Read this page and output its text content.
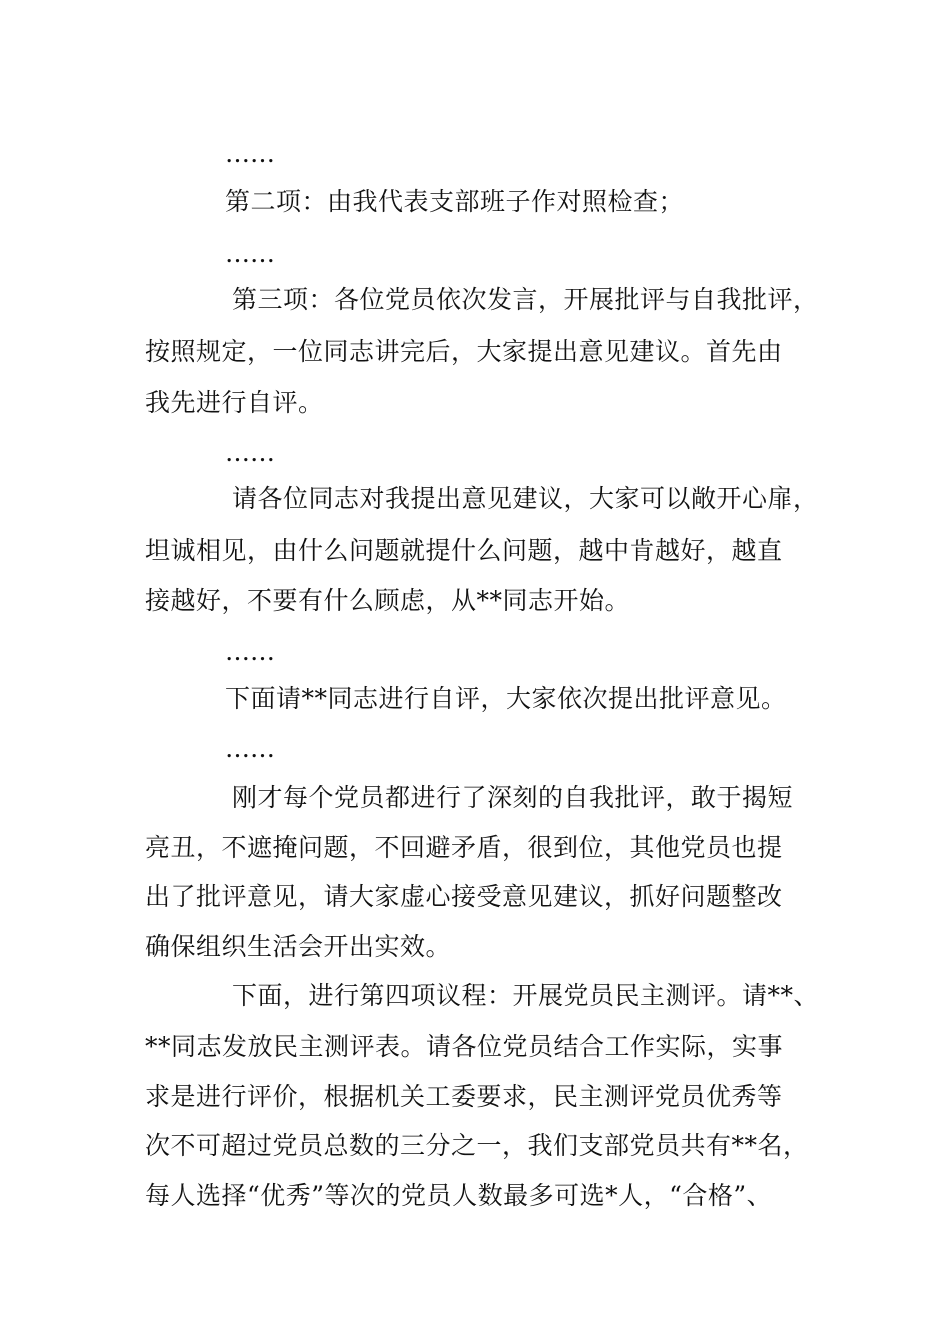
……
第二项：由我代表支部班子作对照检查；
……
第三项：各位党员依次发言，开展批评与自我批评，
按照规定，一位同志讲完后，大家提出意见建议。首先由
我先进行自评。
……
请各位同志对我提出意见建议，大家可以敞开心扉，
坦诚相见，由什么问题就提什么问题，越中肯越好，越直
接越好，不要有什么顾虑，从**同志开始。
……
下面请**同志进行自评，大家依次提出批评意见。
……
刚才每个党员都进行了深刻的自我批评，敢于揭短
亮丑，不遮掩问题，不回避矛盾，很到位，其他党员也提
出了批评意见，请大家虚心接受意见建议，抓好问题整改
确保组织生活会开出实效。
下面，进行第四项议程：开展党员民主测评。请**、
**同志发放民主测评表。请各位党员结合工作实际，实事
求是进行评价，根据机关工委要求，民主测评党员优秀等
次不可超过党员总数的三分之一，我们支部党员共有**名，
每人选择“优秀”等次的党员人数最多可选*人，“合格”、
